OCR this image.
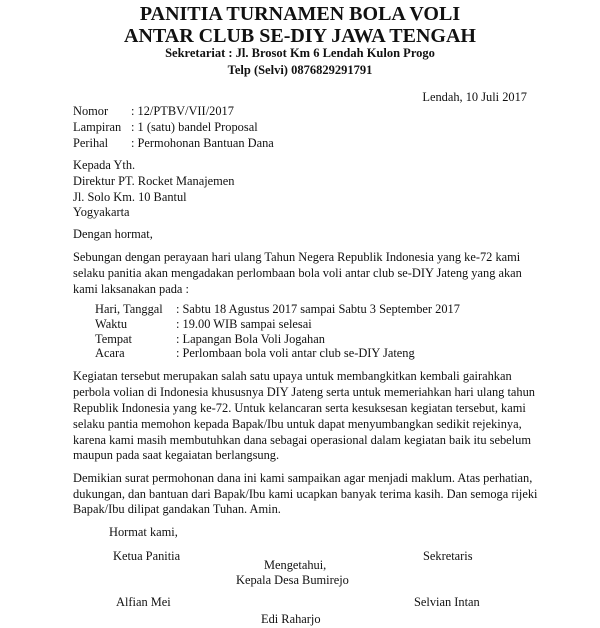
PANITIA TURNAMEN BOLA VOLI
ANTAR CLUB SE-DIY JAWA TENGAH
Sekretariat : Jl. Brosot Km 6 Lendah Kulon Progo
Telp (Selvi) 0876829291791
Lendah, 10 Juli 2017
Nomor : 12/PTBV/VII/2017
Lampiran : 1 (satu) bandel Proposal
Perihal : Permohonan Bantuan Dana
Kepada Yth.
Direktur PT. Rocket Manajemen
Jl. Solo Km. 10 Bantul
Yogyakarta
Dengan hormat,
Sebungan dengan perayaan hari ulang Tahun Negera Republik Indonesia yang ke-72 kami
selaku panitia akan mengadakan perlombaan bola voli antar club se-DIY Jateng yang akan
kami laksanakan pada :
Hari, Tanggal : Sabtu 18 Agustus 2017 sampai Sabtu 3 September 2017
Waktu	: 19.00 WIB sampai selesai
Tempat	: Lapangan Bola Voli Jogahan
Acara	: Perlombaan bola voli antar club se-DIY Jateng
Kegiatan tersebut merupakan salah satu upaya untuk membangkitkan kembali gairahkan
perbola volian di Indonesia khususnya DIY Jateng serta untuk memeriahkan hari ulang tahun
Republik Indonesia yang ke-72. Untuk kelancaran serta kesuksesan kegiatan tersebut, kami
selaku pantia memohon kepada Bapak/Ibu untuk dapat menyumbangkan sedikit rejekinya,
karena kami masih membutuhkan dana sebagai operasional dalam kegiatan baik itu sebelum
maupun pada saat kegaiatan berlangsung.
Demikian surat permohonan dana ini kami sampaikan agar menjadi maklum. Atas perhatian,
dukungan, dan bantuan dari Bapak/Ibu kami ucapkan banyak terima kasih. Dan semoga rijeki
Bapak/Ibu dilipat gandakan Tuhan. Amin.
Hormat kami,
Ketua Panitia	Sekretaris
Mengetahui,
Kepala Desa Bumirejo
Alfian Mei	Selvian Intan
Edi Raharjo
